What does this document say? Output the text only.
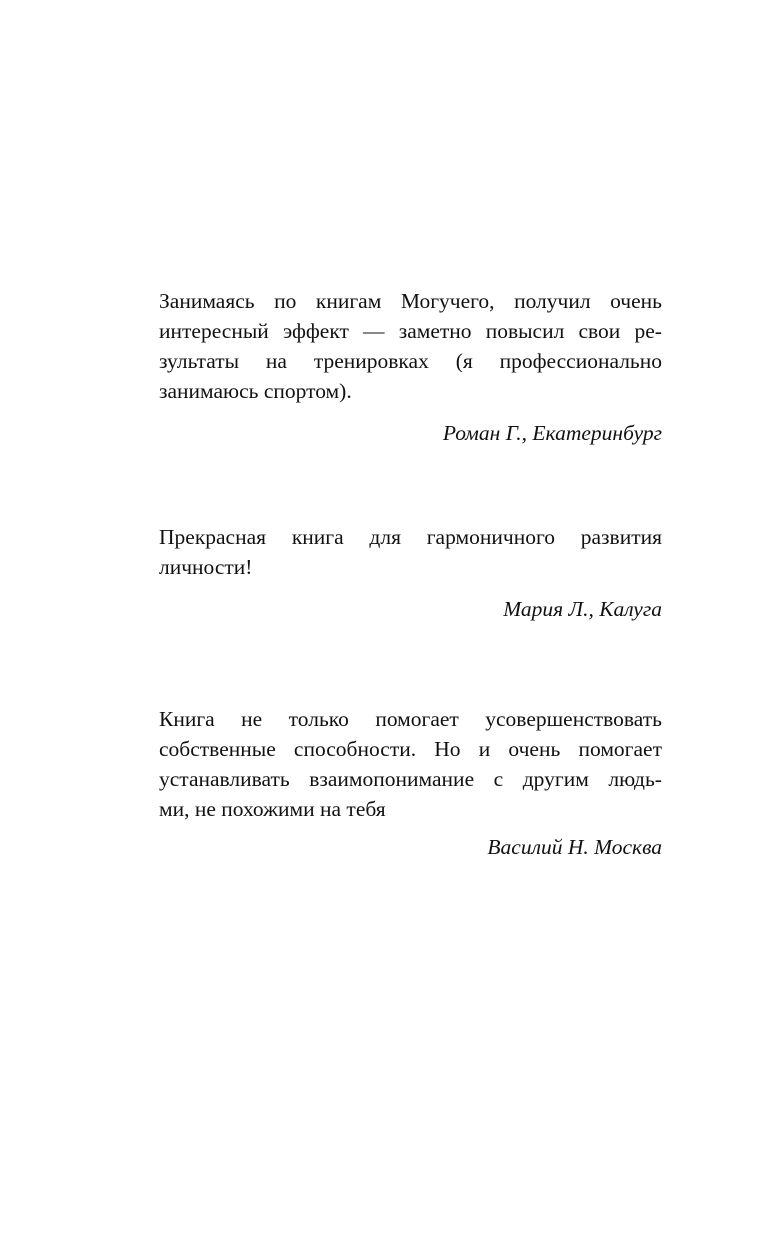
Занимаясь по книгам Могучего, получил очень
интересный эффект — заметно повысил свои ре-
зультаты на тренировках (я профессионально
занимаюсь спортом).
Роман Г., Екатеринбург
Прекрасная книга для гармоничного развития
личности!
Мария Л., Калуга
Книга не только помогает усовершенствовать
собственные способности. Но и очень помогает
устанавливать взаимопонимание с другим людь-
ми, не похожими на тебя
Василий Н. Москва
